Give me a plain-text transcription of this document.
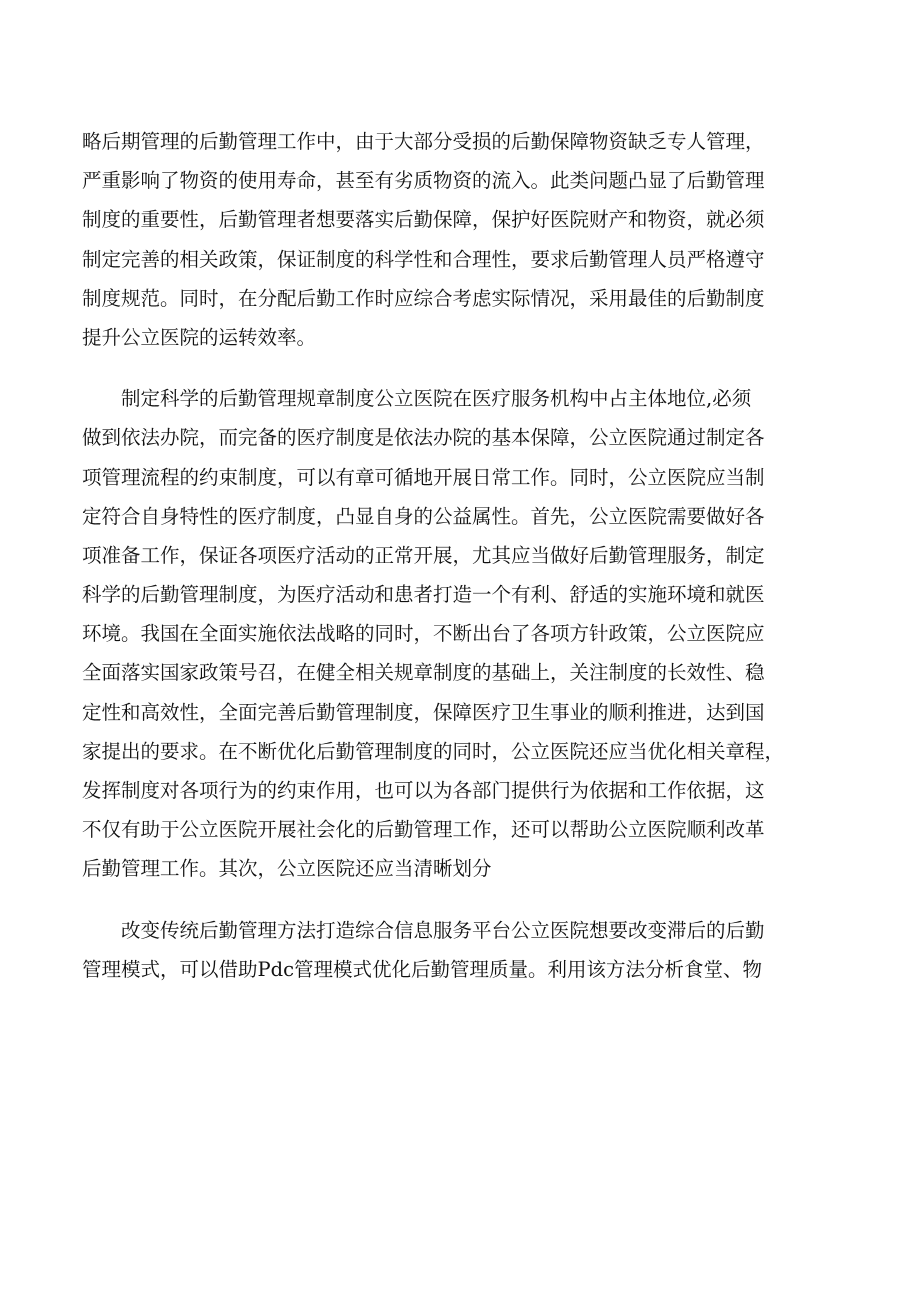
略后期管理的后勤管理工作中，由于大部分受损的后勤保障物资缺乏专人管理，
严重影响了物资的使用寿命，甚至有劣质物资的流入。此类问题凸显了后勤管理
制度的重要性，后勤管理者想要落实后勤保障，保护好医院财产和物资，就必须
制定完善的相关政策，保证制度的科学性和合理性，要求后勤管理人员严格遵守
制度规范。同时，在分配后勤工作时应综合考虑实际情况，采用最佳的后勤制度
提升公立医院的运转效率。
　　制定科学的后勤管理规章制度公立医院在医疗服务机构中占主体地位,必须
做到依法办院，而完备的医疗制度是依法办院的基本保障，公立医院通过制定各
项管理流程的约束制度，可以有章可循地开展日常工作。同时，公立医院应当制
定符合自身特性的医疗制度，凸显自身的公益属性。首先，公立医院需要做好各
项准备工作，保证各项医疗活动的正常开展，尤其应当做好后勤管理服务，制定
科学的后勤管理制度，为医疗活动和患者打造一个有利、舒适的实施环境和就医
环境。我国在全面实施依法战略的同时，不断出台了各项方针政策，公立医院应
全面落实国家政策号召，在健全相关规章制度的基础上，关注制度的长效性、稳
定性和高效性，全面完善后勤管理制度，保障医疗卫生事业的顺利推进，达到国
家提出的要求。在不断优化后勤管理制度的同时，公立医院还应当优化相关章程，
发挥制度对各项行为的约束作用，也可以为各部门提供行为依据和工作依据，这
不仅有助于公立医院开展社会化的后勤管理工作，还可以帮助公立医院顺利改革
后勤管理工作。其次，公立医院还应当清晰划分
　　改变传统后勤管理方法打造综合信息服务平台公立医院想要改变滞后的后勤
管理模式，可以借助Pdc管理模式优化后勤管理质量。利用该方法分析食堂、物
